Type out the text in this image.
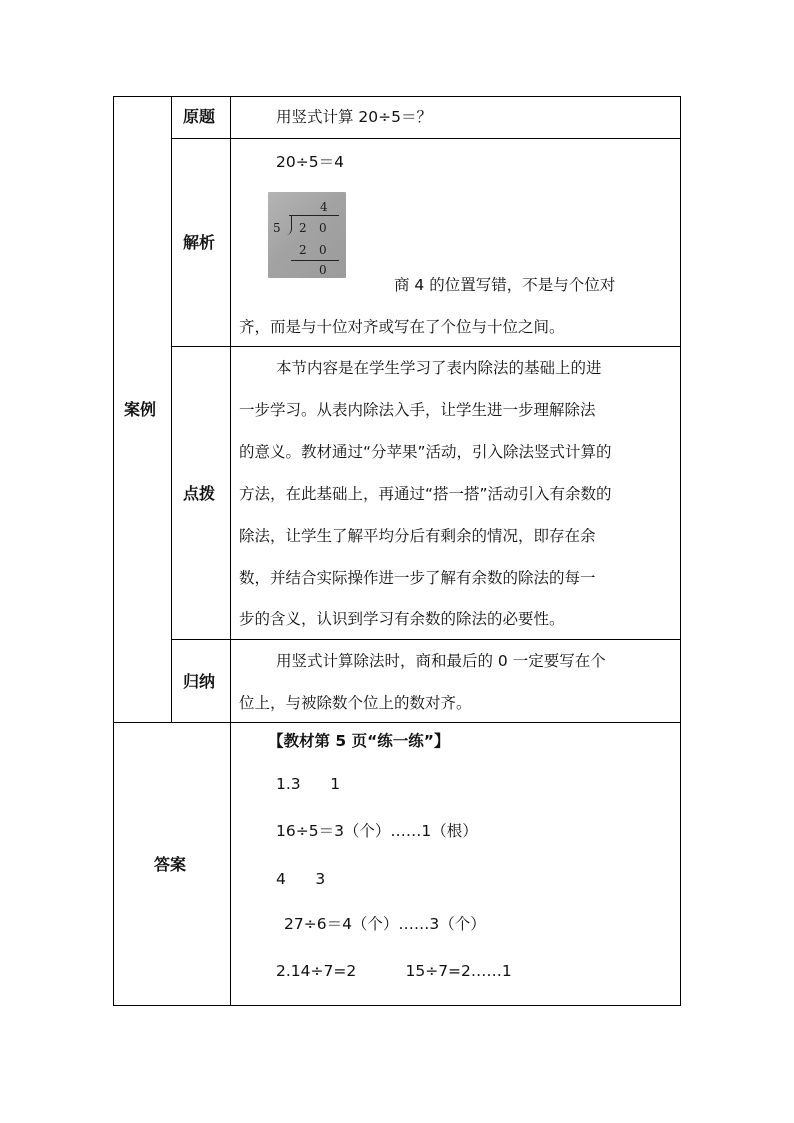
案例
原题	用竖式计算 20÷5＝？
解析
20÷5＝4
4
5 2 0
2 0
0
商 4 的位置写错，不是与个位对
齐，而是与十位对齐或写在了个位与十位之间。
点拨
本节内容是在学生学习了表内除法的基础上的进
一步学习。从表内除法入手，让学生进一步理解除法
的意义。教材通过“分苹果”活动，引入除法竖式计算的
方法，在此基础上，再通过“搭一搭”活动引入有余数的
除法，让学生了解平均分后有剩余的情况，即存在余
数，并结合实际操作进一步了解有余数的除法的每一
步的含义，认识到学习有余数的除法的必要性。
归纳
用竖式计算除法时，商和最后的 0 一定要写在个
位上，与被除数个位上的数对齐。
答案
【教材第 5 页“练一练”】
1.3      1
16÷5＝3（个）……1（根）
4      3
27÷6＝4（个）……3（个）
2.14÷7=2          15÷7=2……1
